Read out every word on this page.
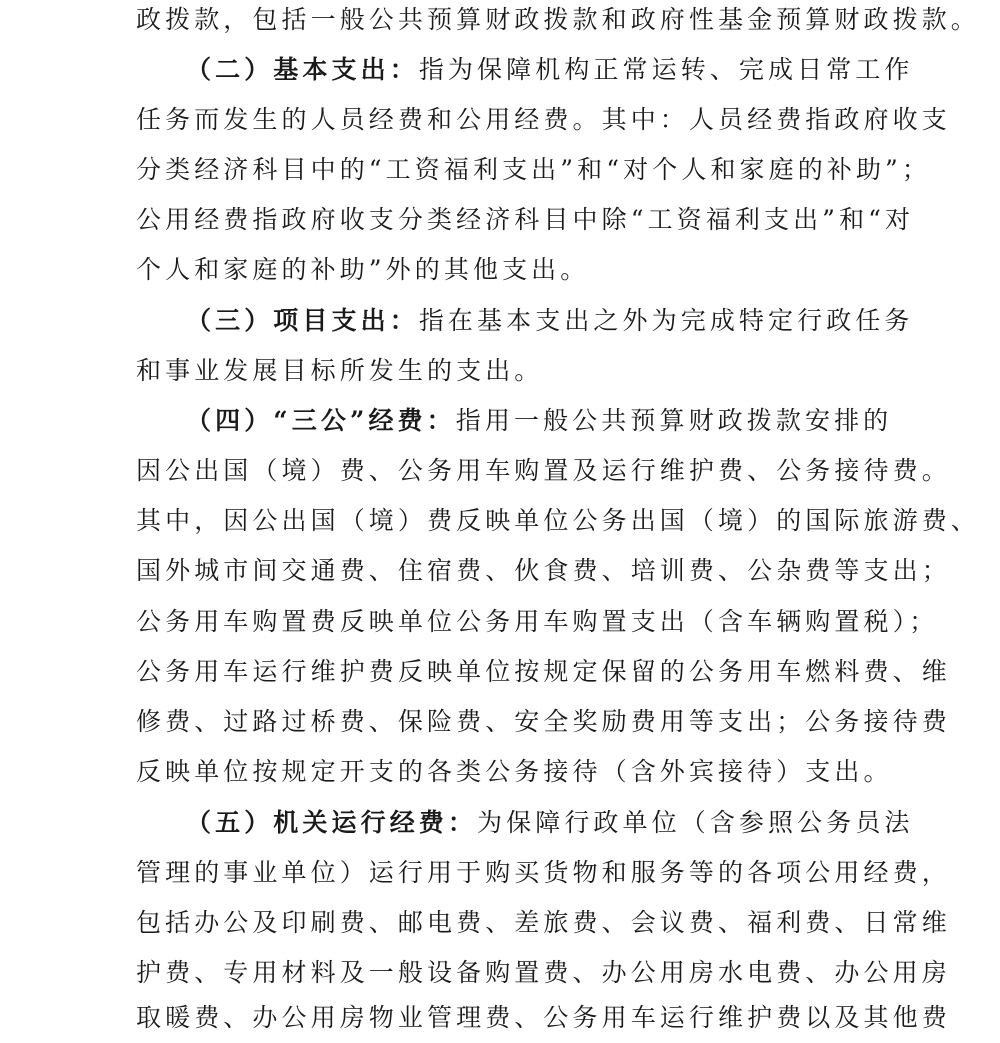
政拨款，包括一般公共预算财政拨款和政府性基金预算财政拨款。
（二）基本支出：指为保障机构正常运转、完成日常工作
任务而发生的人员经费和公用经费。其中：人员经费指政府收支
分类经济科目中的“工资福利支出”和“对个人和家庭的补助”；
公用经费指政府收支分类经济科目中除“工资福利支出”和“对
个人和家庭的补助”外的其他支出。
（三）项目支出：指在基本支出之外为完成特定行政任务
和事业发展目标所发生的支出。
（四）“三公”经费：指用一般公共预算财政拨款安排的
因公出国（境）费、公务用车购置及运行维护费、公务接待费。
其中，因公出国（境）费反映单位公务出国（境）的国际旅游费、
国外城市间交通费、住宿费、伙食费、培训费、公杂费等支出；
公务用车购置费反映单位公务用车购置支出（含车辆购置税）；
公务用车运行维护费反映单位按规定保留的公务用车燃料费、维
修费、过路过桥费、保险费、安全奖励费用等支出；公务接待费
反映单位按规定开支的各类公务接待（含外宾接待）支出。
（五）机关运行经费：为保障行政单位（含参照公务员法
管理的事业单位）运行用于购买货物和服务等的各项公用经费，
包括办公及印刷费、邮电费、差旅费、会议费、福利费、日常维
护费、专用材料及一般设备购置费、办公用房水电费、办公用房
取暖费、办公用房物业管理费、公务用车运行维护费以及其他费
